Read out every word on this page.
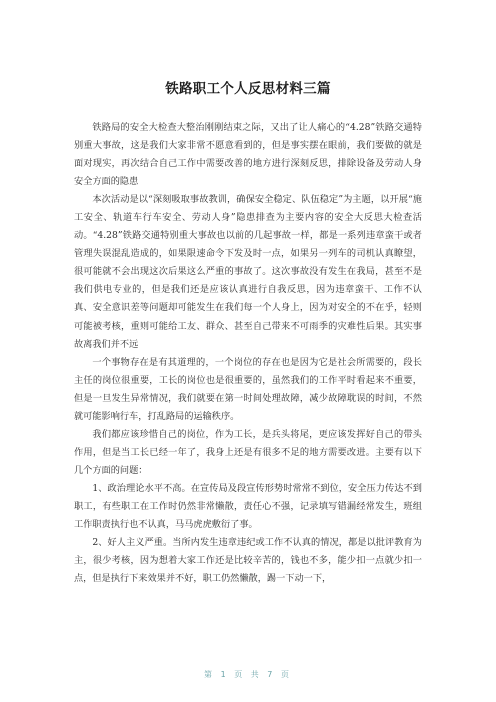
铁路职工个人反思材料三篇

铁路局的安全大检查大整治刚刚结束之际，又出了让人痛心的“4.28”铁路交通特别重大事故，这是我们大家非常不愿意看到的，但是事实摆在眼前，我们要做的就是面对现实，再次结合自己工作中需要改善的地方进行深刻反思，排除设备及劳动人身安全方面的隐患

本次活动是以“深刻吸取事故教训，确保安全稳定、队伍稳定”为主题，以开展“施工安全、轨道车行车安全、劳动人身”隐患排查为主要内容的安全大反思大检查活动。“4.28”铁路交通特别重大事故也以前的几起事故一样，都是一系列违章蛮干或者管理失误混乱造成的，如果限速命令下发及时一点，如果另一列车的司机认真瞭望，很可能就不会出现这次后果这么严重的事故了。这次事故没有发生在我局，甚至不是我们供电专业的，但是我们还是应该认真进行自我反思，因为违章蛮干、工作不认真、安全意识差等问题却可能发生在我们每一个人身上，因为对安全的不在乎，轻则可能被考核，重则可能给工友、群众、甚至自己带来不可雨季的灾难性后果。其实事故离我们并不远

一个事物存在是有其道理的，一个岗位的存在也是因为它是社会所需要的，段长主任的岗位很重要，工长的岗位也是很重要的，虽然我们的工作平时看起来不重要，但是一旦发生异常情况，我们就要在第一时间处理故障，减少故障耽误的时间，不然就可能影响行车，打乱路局的运输秩序。

我们都应该珍惜自己的岗位，作为工长，是兵头将尾，更应该发挥好自己的带头作用，但是当工长已经一年了，我身上还是有很多不足的地方需要改进。主要有以下几个方面的问题：

1、政治理论水平不高。在宣传局及段宣传形势时常常不到位，安全压力传达不到职工，有些职工在工作时仍然非常懒散，责任心不强，记录填写错漏经常发生，班组工作职责执行也不认真，马马虎虎敷衍了事。

2、好人主义严重。当所内发生违章违纪或工作不认真的情况，都是以批评教育为主，很少考核，因为想着大家工作还是比较辛苦的，钱也不多，能少扣一点就少扣一点，但是执行下来效果并不好，职工仍然懒散，踢一下动一下，

第 1 页 共 7 页
